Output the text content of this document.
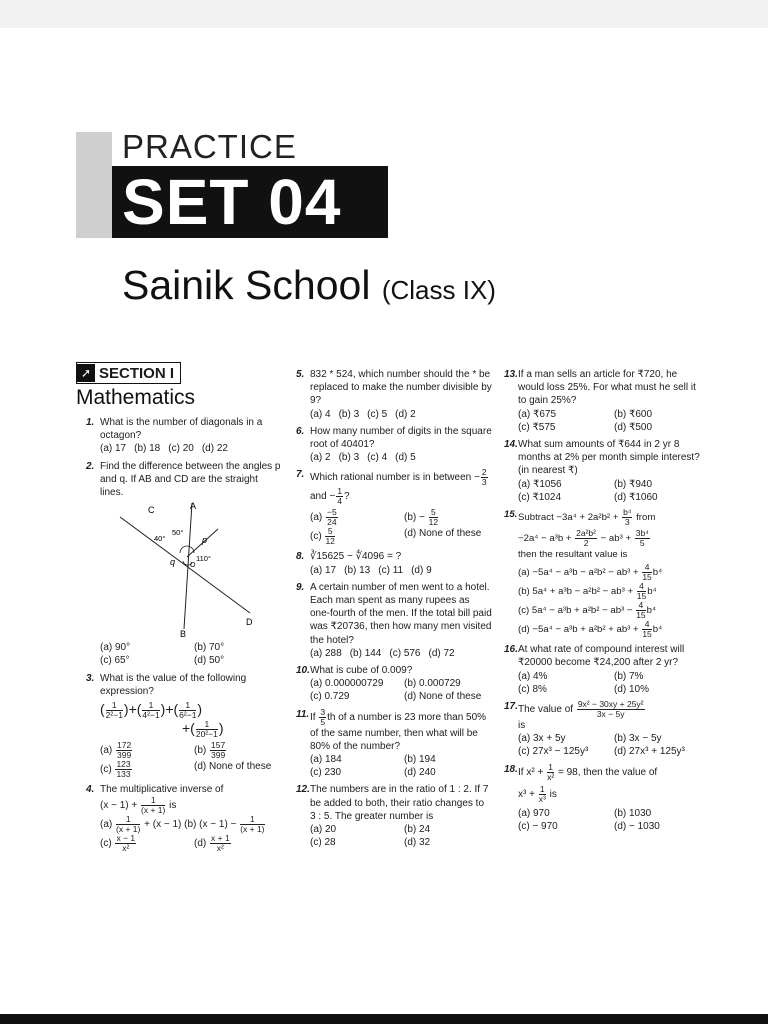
PRACTICE
SET 04
Sainik School (Class IX)
➚ SECTION I
Mathematics
1. What is the number of diagonals in a octagon?
(a) 17 (b) 18 (c) 20 (d) 22
2. Find the difference between the angles p and q. If AB and CD are the straight lines.
A
C
D
B
p
q O
40°
50°
110°
(a) 90°	(b) 70°
(c) 65°	(d) 50°
3. What is the value of the following expression?
( $\frac{1}{\text{2²−1}}$ )+( $\frac{1}{\text{4²−1}}$ )+( $\frac{1}{\text{6²−1}}$ )
+( $\frac{1}{\text{20²−1}}$ )
$(a) \frac{172}{399}$	$(b) \frac{157}{399}$
$(c) \frac{123}{133}$	(d) None of these
4. The multiplicative inverse of
$(x - 1) + \frac{1}{(x + 1)}$ is
$(a) \frac{1}{(x + 1)} + (x - 1)$ (b) $(x - 1) - \frac{1}{(x + 1)}$
$(c) \frac{x - 1}{\text{x²}}$	$(d) \frac{x + 1}{\text{x²}}$
5. 832 * 524, which number should the * be replaced to make the number divisible by 9?
(a) 4 (b) 3 (c) 5 (d) 2
6. How many number of digits in the square root of 40401?
(a) 2 (b) 3 (c) 4 (d) 5
7. Which rational number is in between − $\frac{2}{3}$
and − $\frac{1}{4}$ ?
$(a) \frac{-5}{24}$	$(b) - \frac{5}{12}$
$(c) \frac{5}{12}$	(d) None of these
8. ∛15625 − ∜4096 = ?
(a) 17 (b) 13 (c) 11 (d) 9
9. A certain number of men went to a hotel. Each man spent as many rupees as one-fourth of the men. If the total bill paid was ₹20736, then how many men visited the hotel?
(a) 288 (b) 144 (c) 576 (d) 72
10. What is cube of 0.009?
(a) 0.000000729	(b) 0.000729
(c) 0.729	(d) None of these
11. If $\frac{3}{5}$ th of a number is 23 more than 50% of the same number, then what will be 80% of the number?
(a) 184	(b) 194
(c) 230	(d) 240
12. The numbers are in the ratio of 1 : 2. If 7 be added to both, their ratio changes to 3 : 5. The greater number is
(a) 20	(b) 24
(c) 28	(d) 32
13. If a man sells an article for ₹720, he would loss 25%. For what must he sell it to gain 25%?
(a) ₹675	(b) ₹600
(c) ₹575	(d) ₹500
14. What sum amounts of ₹644 in 2 yr 8 months at 2% per month simple interest? (in nearest ₹)
(a) ₹1056	(b) ₹940
(c) ₹1024	(d) ₹1060
15. Subtract $-3a^4 + 2a^2b^2 + \frac{\text{b⁴}}{3}$ from
$-2a^4 - a^3b + \frac{\text{2a²b²}}{2} - ab^3 + \frac{\text{3b⁴}}{5}$
then the resultant value is
$(a) -5a^4 - a^3b - a^2b^2 - ab^3 + \frac{4}{15} b^4$
(b) $5a^4 + a^3b - a^2b^2 - ab^3 + \frac{4}{15} b^4$
(c) $5a^4 - a^3b + a^2b^2 - ab^3 - \frac{4}{15} b^4$
$(d) -5a^4 - a^3b + a^2b^2 + ab^3 + \frac{4}{15} b^4$
16. At what rate of compound interest will ₹20000 become ₹24,200 after 2 yr?
(a) 4%	(b) 7%
(c) 8%	(d) 10%
17. The value of $\frac{\text{9x² − 30xy + 25y²}}{3x - 5y}$
is
(a) 3x + 5y	(b) 3x − 5y
(c) 27x³ − 125y³	(d) 27x³ + 125y³
18. If $x^2 + \frac{1}{\text{x²}} = 98$, then the value of
$x^3 + \frac{1}{\text{x³}}$ is
(a) 970	(b) 1030
(c) − 970	(d) − 1030
